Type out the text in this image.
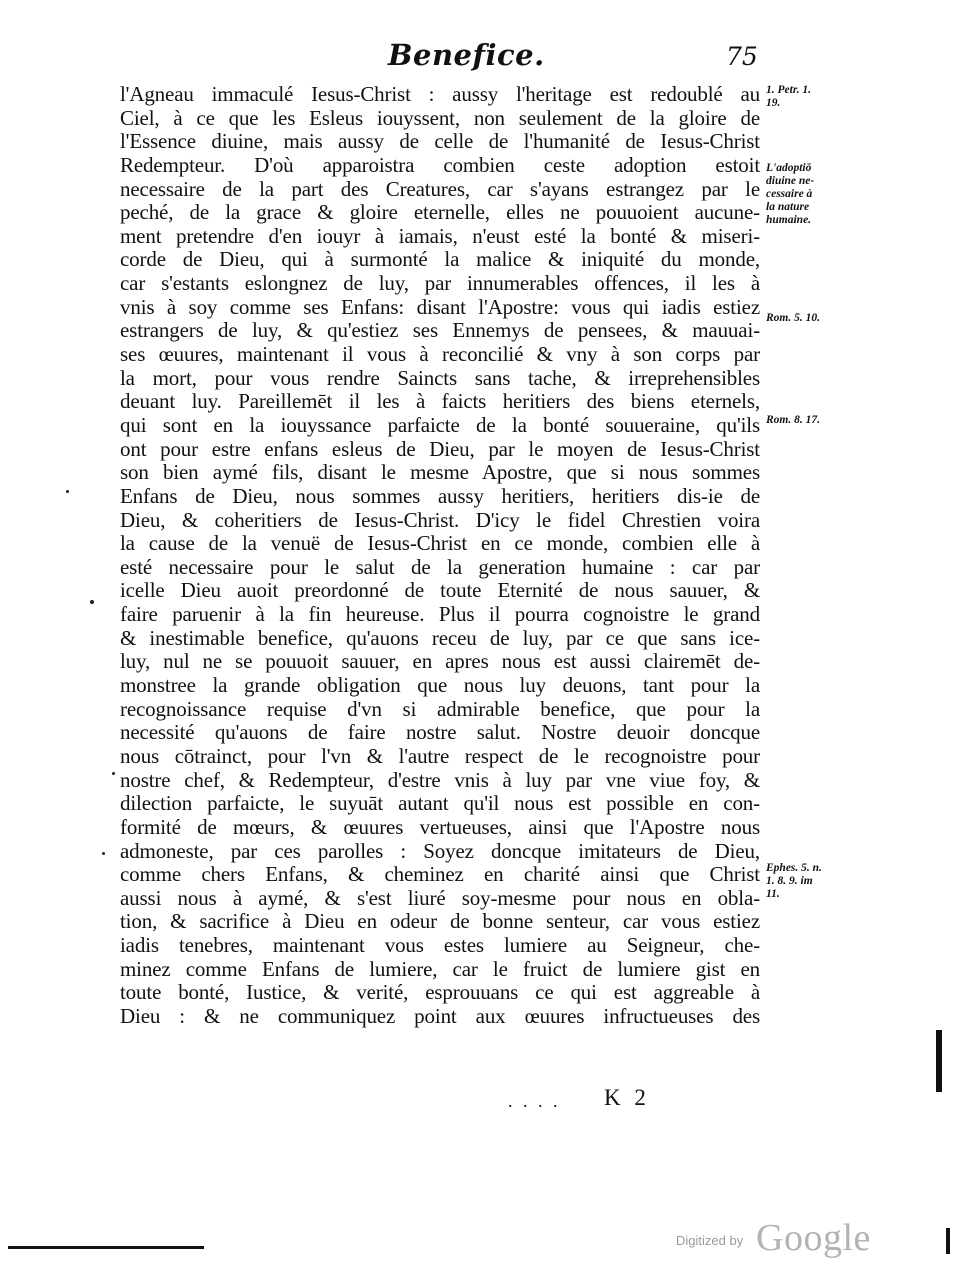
Benefice.	75
l'Agneau immaculé Iesus-Christ : aussy l'heritage est redoublé au
Ciel, à ce que les Esleus iouyssent, non seulement de la gloire de
l'Essence diuine, mais aussy de celle de l'humanité de Iesus-Christ
Redempteur. D'où apparoistra combien ceste adoption estoit
necessaire de la part des Creatures, car s'ayans estrangez par le
peché, de la grace & gloire eternelle, elles ne pouuoient aucune-
ment pretendre d'en iouyr à iamais, n'eust esté la bonté & miseri-
corde de Dieu, qui à surmonté la malice & iniquité du monde,
car s'estants eslongnez de luy, par innumerables offences, il les à
vnis à soy comme ses Enfans: disant l'Apostre: vous qui iadis estiez
estrangers de luy, & qu'estiez ses Ennemys de pensees, & mauuai-
ses œuures, maintenant il vous à reconcilié & vny à son corps par
la mort, pour vous rendre Saincts sans tache, & irreprehensibles
deuant luy. Pareillemēt il les à faicts heritiers des biens eternels,
qui sont en la iouyssance parfaicte de la bonté souueraine, qu'ils
ont pour estre enfans esleus de Dieu, par le moyen de Iesus-Christ
son bien aymé fils, disant le mesme Apostre, que si nous sommes
Enfans de Dieu, nous sommes aussy heritiers, heritiers dis-ie de
Dieu, & coheritiers de Iesus-Christ. D'icy le fidel Chrestien voira
la cause de la venuë de Iesus-Christ en ce monde, combien elle à
esté necessaire pour le salut de la generation humaine : car par
icelle Dieu auoit preordonné de toute Eternité de nous sauuer, &
faire paruenir à la fin heureuse. Plus il pourra cognoistre le grand
& inestimable benefice, qu'auons receu de luy, par ce que sans ice-
luy, nul ne se pouuoit sauuer, en apres nous est aussi clairemēt de-
monstree la grande obligation que nous luy deuons, tant pour la
recognoissance requise d'vn si admirable benefice, que pour la
necessité qu'auons de faire nostre salut. Nostre deuoir doncque
nous cōtrainct, pour l'vn & l'autre respect de le recognoistre pour
nostre chef, & Redempteur, d'estre vnis à luy par vne viue foy, &
dilection parfaicte, le suyuāt autant qu'il nous est possible en con-
formité de mœurs, & œuures vertueuses, ainsi que l'Apostre nous
admoneste, par ces parolles : Soyez doncque imitateurs de Dieu,
comme chers Enfans, & cheminez en charité ainsi que Christ
aussi nous à aymé, & s'est liuré soy-mesme pour nous en obla-
tion, & sacrifice à Dieu en odeur de bonne senteur, car vous estiez
iadis tenebres, maintenant vous estes lumiere au Seigneur, che-
minez comme Enfans de lumiere, car le fruict de lumiere gist en
toute bonté, Iustice, & verité, esprouuans ce qui est aggreable à
Dieu : & ne communiquez point aux œuures infructueuses des
1. Petr. 1.
19.
L'adoptiō
diuine ne-
cessaire à
la nature
humaine.
Rom. 5. 10.
Rom. 8. 17.
Ephes. 5. n.
1. 8. 9. im
11.
. . . . K 2
Digitized by Google
